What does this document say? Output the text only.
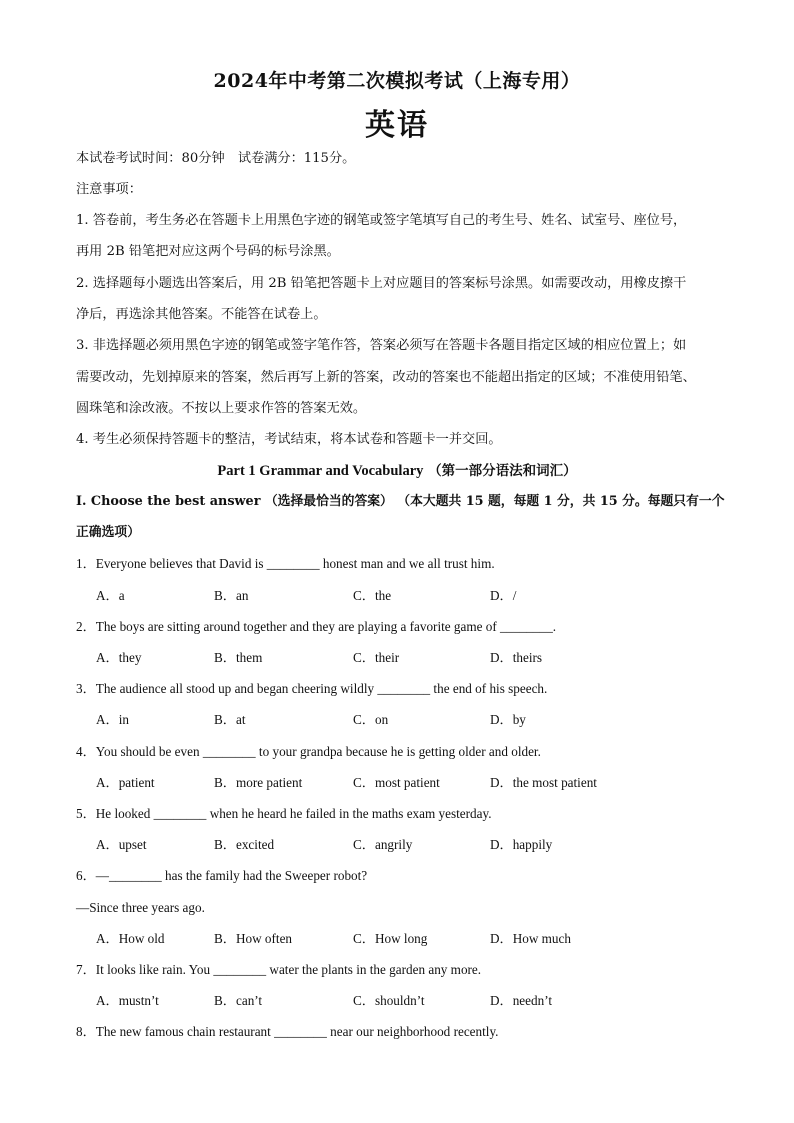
2024年中考第二次模拟考试（上海专用）
英语
本试卷考试时间：80分钟　试卷满分：115分。
注意事项：
1. 答卷前，考生务必在答题卡上用黑色字迹的钢笔或签字笔填写自己的考生号、姓名、试室号、座位号，
再用 2B 铅笔把对应这两个号码的标号涂黑。
2. 选择题每小题选出答案后，用 2B 铅笔把答题卡上对应题目的答案标号涂黑。如需要改动，用橡皮擦干
净后，再选涂其他答案。不能答在试卷上。
3. 非选择题必须用黑色字迹的钢笔或签字笔作答，答案必须写在答题卡各题目指定区域的相应位置上；如
需要改动，先划掉原来的答案，然后再写上新的答案，改动的答案也不能超出指定的区域；不准使用铅笔、
圆珠笔和涂改液。不按以上要求作答的答案无效。
4. 考生必须保持答题卡的整洁，考试结束，将本试卷和答题卡一并交回。
Part 1 Grammar and Vocabulary （第一部分语法和词汇）
I. Choose the best answer （选择最恰当的答案） （本大题共 15 题，每题 1 分，共 15 分。每题只有一个
正确选项）
1．Everyone believes that David is ________ honest man and we all trust him.
A．a	B．an	C．the	D．/
2．The boys are sitting around together and they are playing a favorite game of ________.
A．they	B．them	C．their	D．theirs
3．The audience all stood up and began cheering wildly ________ the end of his speech.
A．in	B．at	C．on	D．by
4．You should be even ________ to your grandpa because he is getting older and older.
A．patient	B．more patient	C．most patient	D．the most patient
5．He looked ________ when he heard he failed in the maths exam yesterday.
A．upset	B．excited	C．angrily	D．happily
6．—________ has the family had the Sweeper robot?
—Since three years ago.
A．How old	B．How often	C．How long	D．How much
7．It looks like rain. You ________ water the plants in the garden any more.
A．mustn’t	B．can’t	C．shouldn’t	D．needn’t
8．The new famous chain restaurant ________ near our neighborhood recently.
